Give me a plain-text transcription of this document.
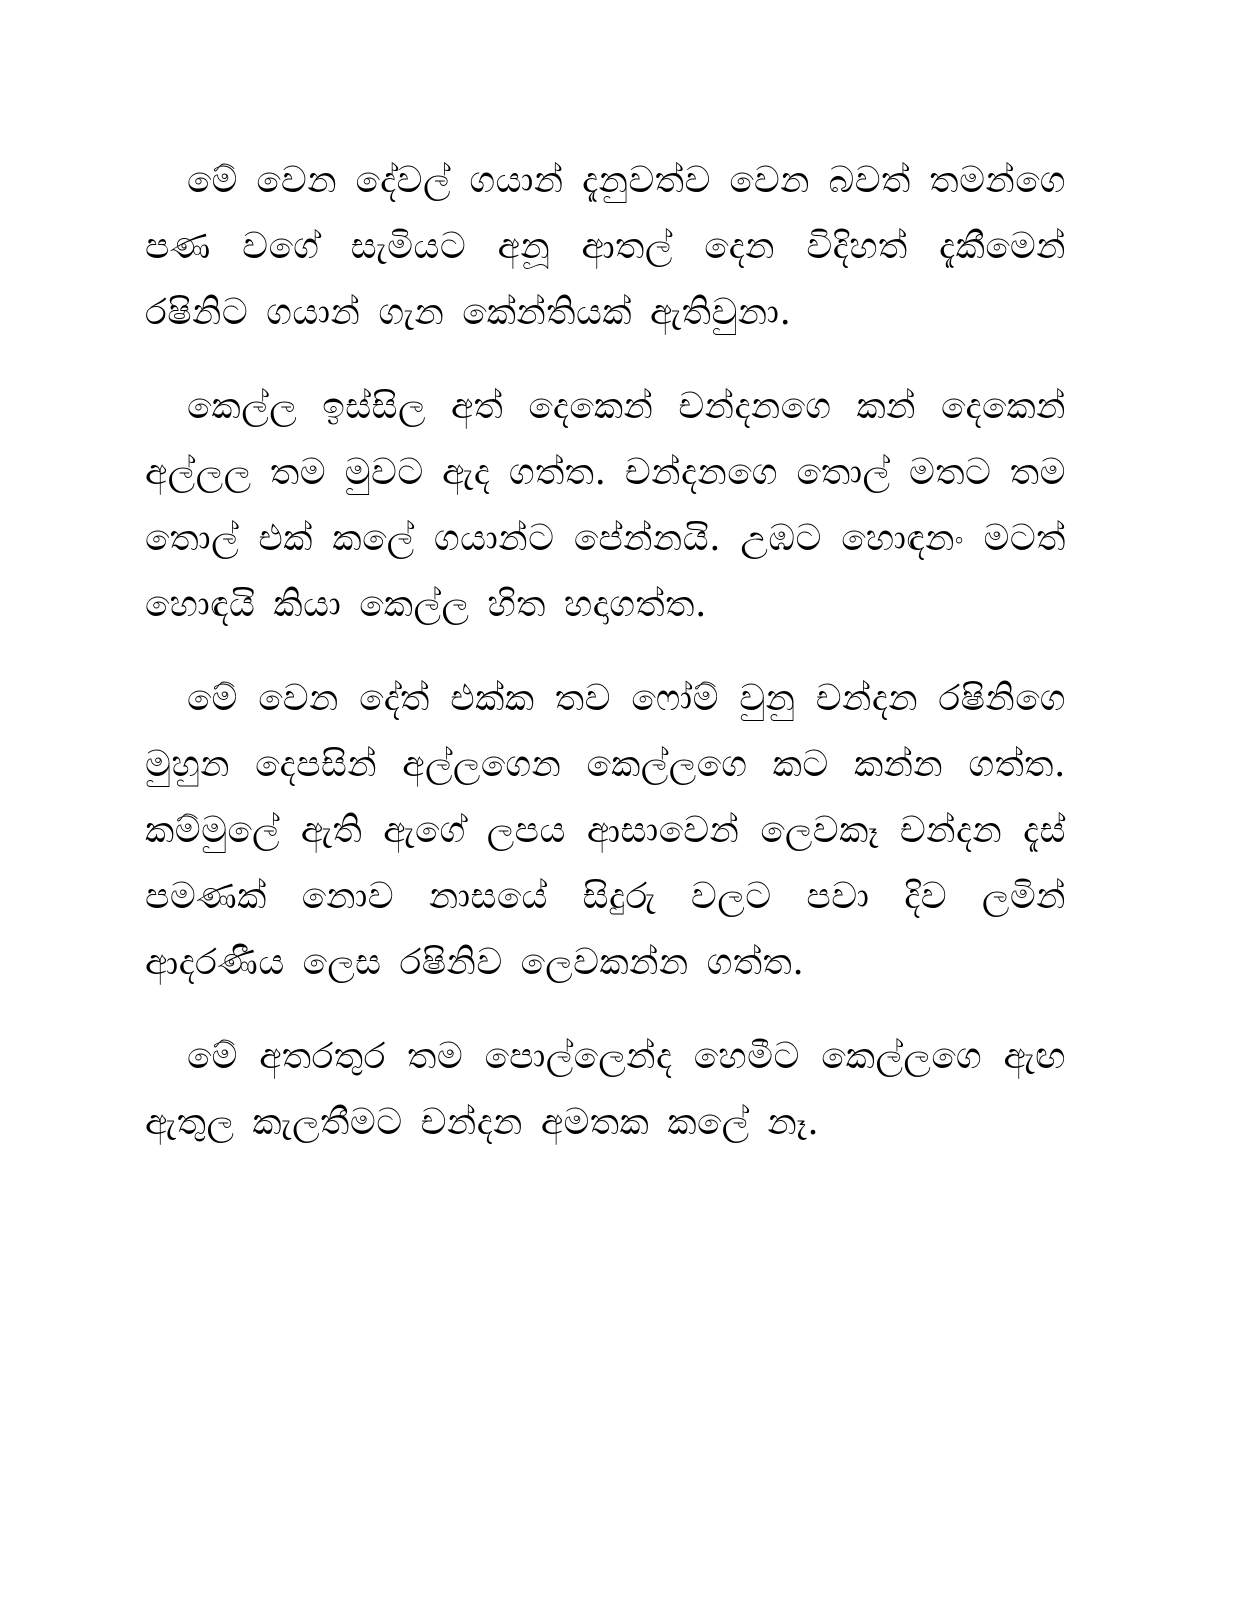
මේ වෙන දේවල් ගයාන් දැනුවත්ව වෙන බවත් තමන්ගෙ පණ වගේ සැමියට අනූ ආතල් දෙන විදිහත් දැකීමෙන් රෂිනිට ගයාන් ගැන කේන්තියක් ඇතිවුනා.

කෙල්ල ඉස්සිල අත් දෙකෙන් චන්දනගෙ කන් දෙකෙන් අල්ලල තම මුවට ඇද ගත්ත. චන්දනගෙ තොල් මතට තම තොල් එක් කලේ ගයාන්ට පේන්නයි. උඹට හොඳනං මටත් හොඳයි කියා කෙල්ල හිත හදාගත්ත.

මේ වෙන දේත් එක්ක තව ෆෝම් වුනු චන්දන රෂිනිගෙ මුහුන දෙපසින් අල්ලගෙන කෙල්ලගෙ කට කන්න ගත්ත. කම්මුලේ ඇති ඇගේ ලපය ආසාවෙන් ලෙවකෑ චන්දන දැස් පමණක් නොව නාසයේ සිදුරු වලට පවා දිව ලමින් ආදරණීය ලෙස රෂිනිව ලෙවකන්න ගත්ත.

මේ අතරතුර තම පොල්ලෙන්ද හෙමීට කෙල්ලගෙ ඇඟ ඇතුල කැලතීමට චන්දන අමතක කලේ නෑ.
